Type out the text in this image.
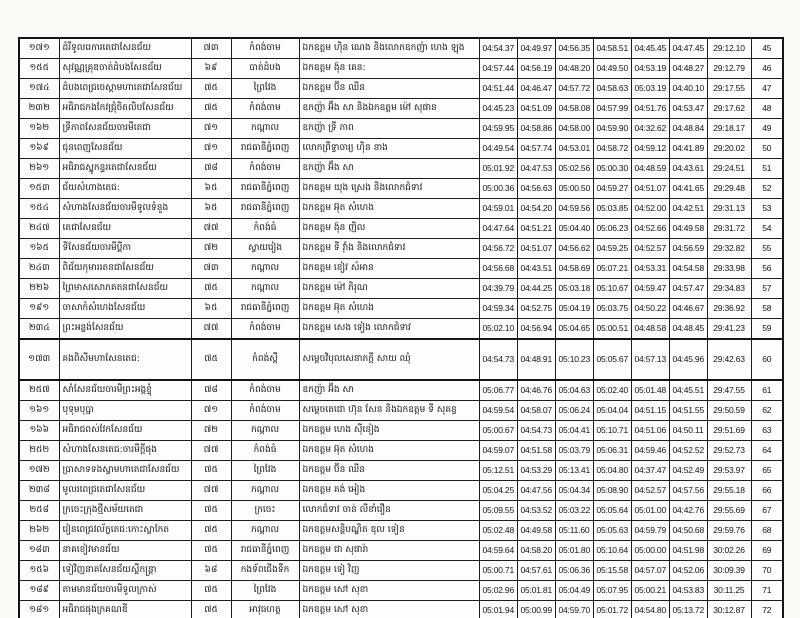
១៧១	ដំរីទូលរេការតេជាសែនជ័យ	៧៣	កំពង់ចាម	ឯកឧត្តម ហ៊ិន ណេង និងលោកឧកញ៉ា ហេង ឡុង	04:54.37	04:49.97	04:56.35	04:58.51	04:45.45	04:47.45	29:12.10	45
១៥៥	សុវណ្ណគ្រុឌចាត់ដំបងសែនជ័យ	៦៩	បាត់ដំបង	ឯកឧត្តម ង៉ុន គេន:	04:57.44	04:56.19	04:48.20	04:49.50	04:53.19	04:48.27	29:12.79	46
១៧៤	ដំបងពេជ្រចេស្តាមហាតេជាសែនជ័យ	៧៥	ព្រៃវែង	ឯកឧត្តម ប៊ីន ឈីន	04:51.44	04:46.47	04:57.72	04:58.63	05:03.19	04:40.10	29:17.55	47
២៣២	អធិរាជកងកែវជ្រុំចិតលិបសែនជ័យ	៧៥	កំពង់ចាម	ឧកញ៉ា អ៊ឹង សា និងឯកឧត្តម ម៉ៅ សុផាន	04:45.23	04:51.09	04:58.08	04:57.99	04:51.76	04:53.47	29:17.62	48
១៦២	ទ្រីភាពសែនជ័យចារមីតេជា	៧១	កណ្តាល	ឧកញ៉ា ទ្រី ភាព	04:59.95	04:58.86	04:58.00	04:59.90	04:32.62	04:48.84	29:18.17	49
១៦៩	ជុនពេញសែនជ័យ	៧១	រាជធានីភ្នំពេញ	លោកព្រឹទ្ធាចារ្យ ហ៊ិន នាង	04:49.54	04:57.74	04:53.01	04:58.72	04:59.12	04:41.89	29:20.02	50
២៦១	អធិរាជស្នូកន្ទរតេជាសែនជ័យ	៧៨	កំពង់ចាម	ឧកញ៉ា អ៊ឹង សា	05:01.92	04:47.53	05:02.56	05:00.30	04:48.59	04:43.61	29:24.51	51
១៥៣	ជ័យសំហាងតេជ:	៦៥	រាជធានីភ្នំពេញ	ឯកឧត្តម យុង ស្រេង និងលោកជំទាវ	05:00.36	04:56.63	05:00.50	04:59.27	04:51.07	04:41.65	29:29.48	52
១៥៤	សំហាងសែនជ័យចារមីទូលទំនួង	៦៥	រាជធានីភ្នំពេញ	ឯកឧត្តម អ៊ុត សំហេង	04:59.01	04:54.20	04:59.56	05:03.85	04:52.00	04:42.51	29:31.13	53
២៤៧	តេជាសែនជ័យ	៧៧	កំពង់ធំ	ឯកឧត្តម ង៉ុន ញិល	04:47.64	04:51.21	05:04.40	05:06.23	04:52.66	04:49.58	29:31.72	54
១៦៥	ទីសែនជ័យចារមីប្តីកា	៧២	ស្វាយរៀង	ឯកឧត្តម ទី វ៉ាំង និងលោកជំទាវ	04:56.72	04:51.07	04:56.62	04:59.25	04:52.57	04:56.59	29:32.82	55
២៤៣	ពិជ័យកុមាររតនជាសែនជ័យ	៧៣	កណ្តាល	ឯកឧត្តម ខៀវ សំអាន	04:56.68	04:43.51	04:58.69	05:07.21	04:53.31	04:54.58	29:33.98	56
២២៦	ព្រៃមាសសោភគតនជាសែនជ័យ	៧៥	កណ្តាល	ឯកឧត្តម ម៉ៅ ភិរុណ	04:39.79	04:44.25	05:03.18	05:10.67	04:59.47	04:57.47	29:34.83	57
១៩១	ចាសាកំសំហេងសែនជ័យ	៦៥	រាជធានីភ្នំពេញ	ឯកឧត្តម អ៊ុត សំហេង	04:59.34	04:52.75	05:04.19	05:03.75	04:50.22	04:46.67	29:36.92	58
២៣៤	ព្រះអន្លង់សែនជ័យ	៧៧	កំពង់ចាម	ឯកឧត្តម សេង ទៀង លោកជំទាវ	05:02.10	04:56.94	05:04.65	05:00.51	04:48.58	04:48.45	29:41.23	59
១៧៣	គងពិសីមហាសែនតេជ:	៧៥	កំពង់ស្ពឺ	សម្តេចវិបុលសេនាភក្តី សាយ ឈុំ	04:54.73	04:48.91	05:10.23	05:05.67	04:57.13	04:45.96	29:42.63	60
២៥៧	សាំសែនជ័យចារមីព្រះអង្គខ្ទុំ	៧៨	កំពង់ចាម	ឧកញ៉ា អ៊ឹង សា	05:06.77	04:46.76	05:04.63	05:02.40	05:01.48	04:45.51	29:47.55	61
១៦១	បុទុមបុប្ផា	៧១	កំពង់ចាម	សម្តេចតេជោ ហ៊ុន សែន និងឯកឧត្តម ទី សុគន្ធ	04:59.54	04:58.07	05:06.24	05:04.04	04:51.15	04:51.55	29:50.59	62
១៦៦	អធិរាជពស់វែកសែនជ័យ	៧២	កណ្តាល	ឯកឧត្តម ហេង ស៊ីនៀង	05:00.67	04:54.73	05:04.41	05:10.71	04:51.06	04:50.11	29:51.69	63
២៥២	សំហាងសែនតេជ:ចារមីក្តីផុង	៧៧	កំពង់ធំ	ឯកឧត្តម អ៊ុត សំហេង	04:59.07	04:51.58	05:03.79	05:06.31	04:59.46	04:52.52	29:52.73	64
១៧២	ប្រាសាទទងស្វាមហាតេជាសែនជ័យ	៧៥	ព្រៃវែង	ឯកឧត្តម ប៊ីន ឈីន	05:12.51	04:53.29	05:13.41	05:04.80	04:37.47	04:52.49	29:53.97	65
២៣៨	មូលរពេជ្រតេជាសែនជ័យ	៧៧	កណ្តាល	ឯកឧត្តម គង់ អៀង	05:04.25	04:47.56	05:04.34	05:08.90	04:52.57	04:57.56	29:55.18	66
២៥៨	ក្រចេះក្រុងថ្មីសម័យតេជា	៧៥	ក្រចេះ	លោកជំទាវ ចាន់ លីខាំរឿន	05:09.55	04:53.52	05:03.22	05:05.64	05:01.00	04:42.76	29:55.69	67
២៦២	រៀនពេជ្រវល័ក្ខតេជ:កោះស្លាកែត	៧៥	កណ្តាល	ឯកឧត្តមសន្តិបណ្ឌិត ឌុល ទៀន	05:02.48	04:49.58	05:11.60	05:05.63	04:59.79	04:50.68	29:59.76	68
១៨៣	នាគខៀវមានជ័យ	៧៥	រាជធានីភ្នំពេញ	ឯកឧត្តម ជា សុផារ៉ា	04:59.64	04:58.20	05:01.80	05:10.64	05:00.00	04:51.98	30:02.26	69
១៥៦	ទៀវិញនាគសែនជ័យស្លឹកន្រ្តា	៦៨	កងទ័ពជើងទឹក	ឯកឧត្តម ទៀ វិញ	05:00.71	04:57.61	05:06.36	05:15.58	04:57.07	04:52.06	30:09.39	70
១៨៩	តាមមានជ័យចារមីទូលក្រាស់	៧៥	ព្រៃវែង	ឯកឧត្តម សៅ សុខា	05:02.96	05:01.81	05:04.49	05:07.95	05:00.21	04:53.83	30:11.25	71
១៨១	អធិរាជផុងក្រគណឌី	៧៥	អាវុធហត្ថ	ឯកឧត្តម សៅ សុខា	05:01.94	05:00.99	04:59.70	05:01.72	04:54.80	05:13.72	30:12.87	72
